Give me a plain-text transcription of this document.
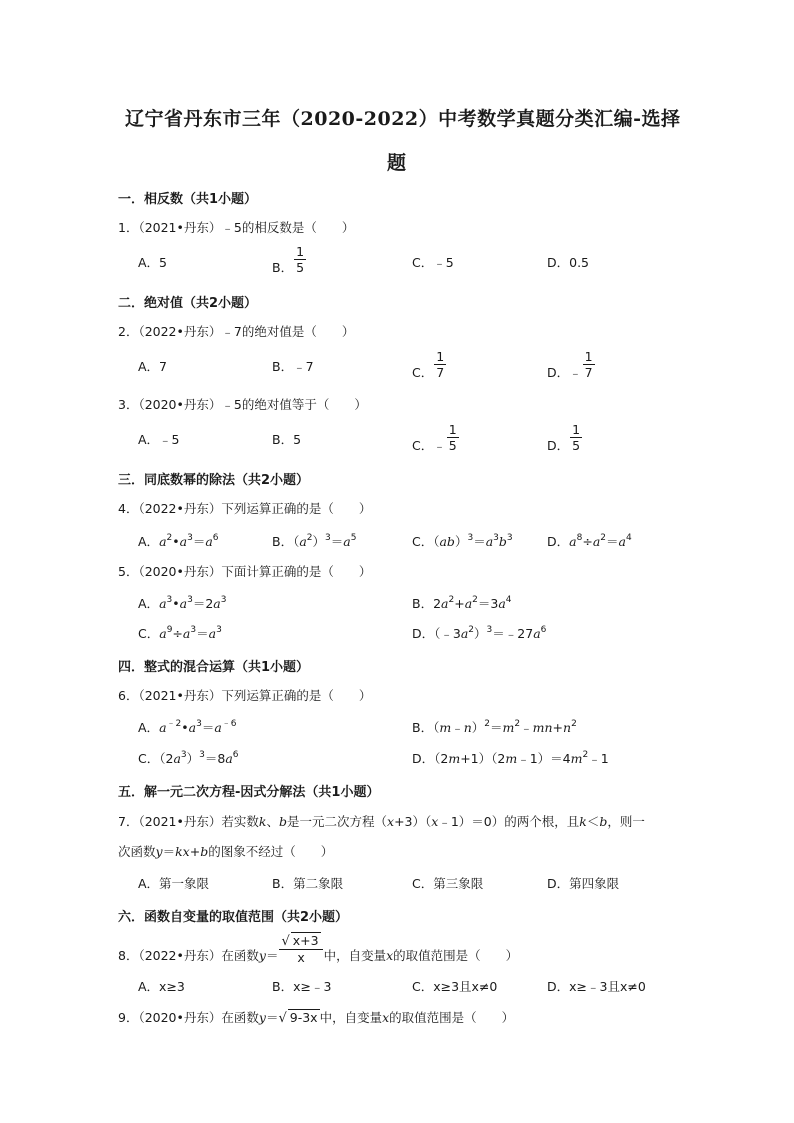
辽宁省丹东市三年（2020-2022）中考数学真题分类汇编-选择
题
一．相反数（共1小题）
1．（2021•丹东）﹣5的相反数是（　　）
A．5	B． $\frac{1}{5}$	C．﹣5	D．0.5
二．绝对值（共2小题）
2．（2022•丹东）﹣7的绝对值是（　　）
A．7	B．﹣7	C． $\frac{1}{7}$	D．﹣ $\frac{1}{7}$
3．（2020•丹东）﹣5的绝对值等于（　　）
A．﹣5	B．5	C．﹣ $\frac{1}{5}$	D． $\frac{1}{5}$
三．同底数幂的除法（共2小题）
4．（2022•丹东）下列运算正确的是（　　）
A．$a^2•a^3=a^6$	B．$(a^2)^3=a^5$	C．$(ab)^3=a^3b^3$	D．$a^8\div a^2=a^4$
5．（2020•丹东）下面计算正确的是（　　）
A．$a^3•a^3=2a^3$	B．$2a^2+a^2=3a^4$
C．$a^9\div a^3=a^3$	D．$(﹣3a^2)^3=﹣27a^6$
四．整式的混合运算（共1小题）
6．（2021•丹东）下列运算正确的是（　　）
A．$a^{﹣2}•a^3=a^{﹣6}$	B．$(m﹣n)^2=m^2﹣mn+n^2$
C．$(2a^3)^3=8a^6$	D．$(2m+1)(2m﹣1)=4m^2﹣1$
五．解一元二次方程-因式分解法（共1小题）
7．（2021•丹东）若实数k、b是一元二次方程（x+3）（x﹣1）＝0）的两个根，且k＜b，则一
次函数y＝kx+b的图象不经过（　　）
A．第一象限	B．第二象限	C．第三象限	D．第四象限
六．函数自变量的取值范围（共2小题）
8．（2022•丹东）在函数$y= \frac{√ x+3}{x}$ 中，自变量x的取值范围是（　　）
A．x≥3	B．x≥﹣3	C．x≥3且x≠0	D．x≥﹣3且x≠0
9．（2020•丹东）在函数y＝√ 9-3x 中，自变量x的取值范围是（　　）
